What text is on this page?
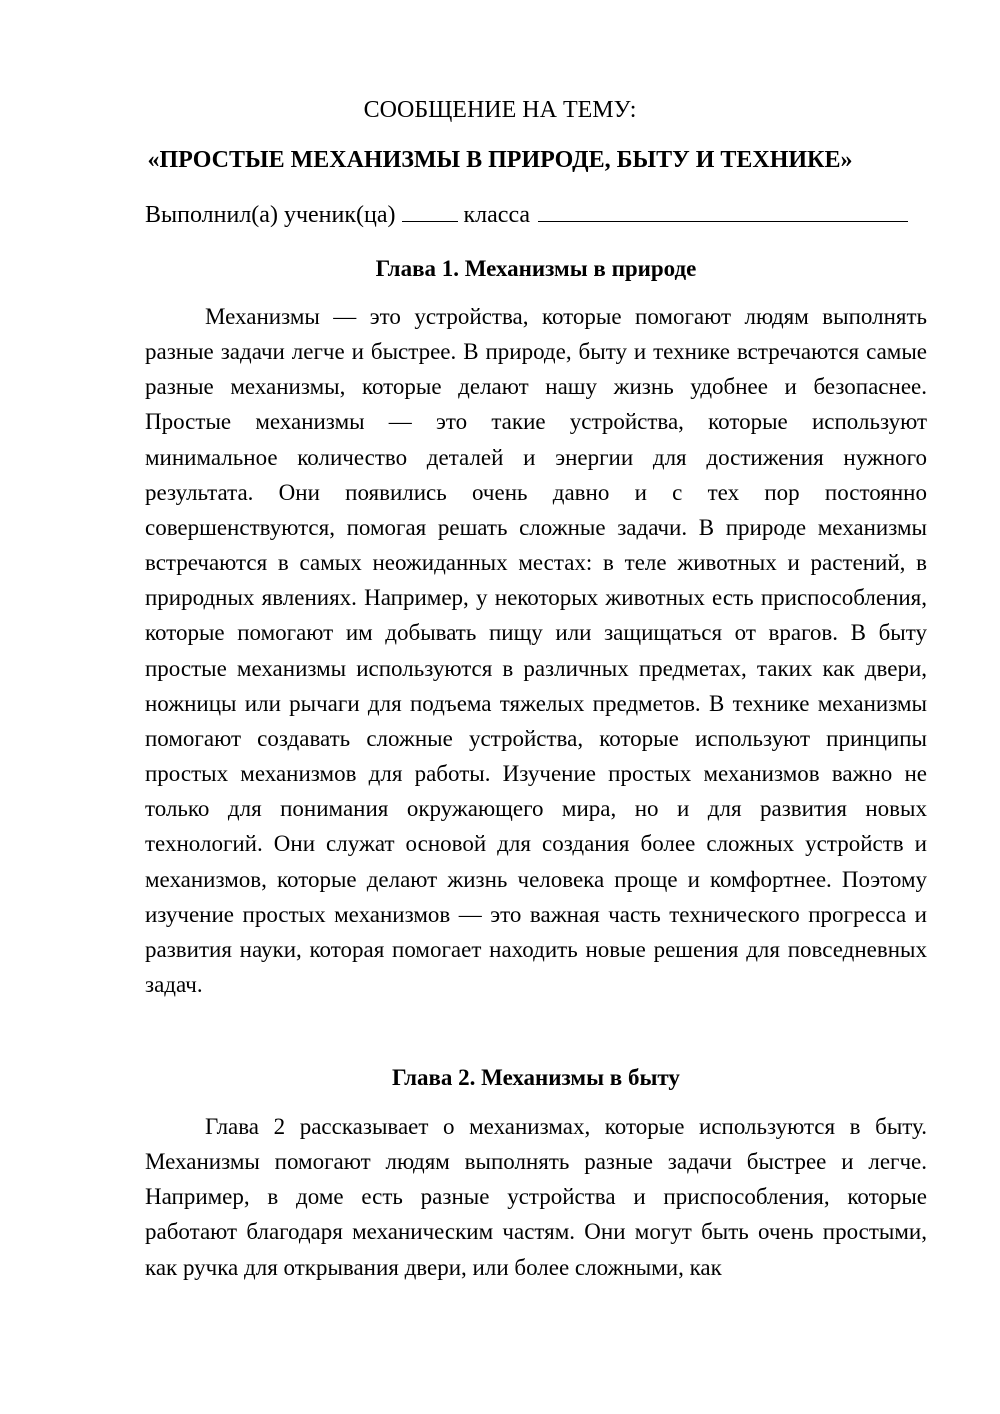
СООБЩЕНИЕ НА ТЕМУ:
«ПРОСТЫЕ МЕХАНИЗМЫ В ПРИРОДЕ, БЫТУ И ТЕХНИКЕ»
Выполнил(а) ученик(ца)	класса
Глава 1. Механизмы в природе

Механизмы — это устройства, которые помогают людям выполнять разные задачи легче и быстрее. В природе, быту и технике встречаются самые разные механизмы, которые делают нашу жизнь удобнее и безопаснее. Простые механизмы — это такие устройства, которые используют минимальное количество деталей и энергии для достижения нужного результата. Они появились очень давно и с тех пор постоянно совершенствуются, помогая решать сложные задачи. В природе механизмы встречаются в самых неожиданных местах: в теле животных и растений, в природных явлениях. Например, у некоторых животных есть приспособления, которые помогают им добывать пищу или защищаться от врагов. В быту простые механизмы используются в различных предметах, таких как двери, ножницы или рычаги для подъема тяжелых предметов. В технике механизмы помогают создавать сложные устройства, которые используют принципы простых механизмов для работы. Изучение простых механизмов важно не только для понимания окружающего мира, но и для развития новых технологий. Они служат основой для создания более сложных устройств и механизмов, которые делают жизнь человека проще и комфортнее. Поэтому изучение простых механизмов — это важная часть технического прогресса и развития науки, которая помогает находить новые решения для повседневных задач.

Глава 2. Механизмы в быту

Глава 2 рассказывает о механизмах, которые используются в быту. Механизмы помогают людям выполнять разные задачи быстрее и легче. Например, в доме есть разные устройства и приспособления, которые работают благодаря механическим частям. Они могут быть очень простыми, как ручка для открывания двери, или более сложными, как
